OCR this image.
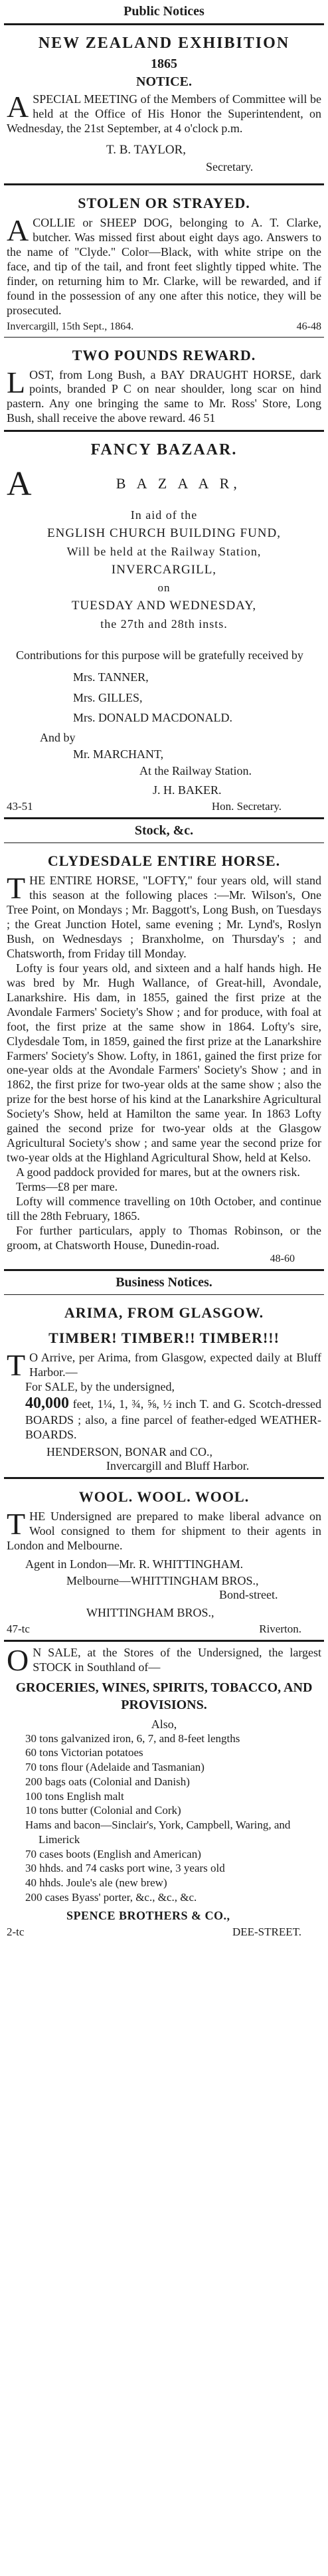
Public Notices
NEW ZEALAND EXHIBITION
1865
NOTICE.

A SPECIAL MEETING of the Members of Committee will be held at the Office of His Honor the Superintendent, on Wednesday, the 21st September, at 4 o'clock p.m.

T. B. TAYLOR,
Secretary.
STOLEN OR STRAYED.

A COLLIE or SHEEP DOG, belonging to A. T. Clarke, butcher. Was missed first about eight days ago. Answers to the name of "Clyde." Color—Black, with white stripe on the face, and tip of the tail, and front feet slightly tipped white. The finder, on returning him to Mr. Clarke, will be rewarded, and if found in the possession of any one after this notice, they will be prosecuted.

Invercargill, 15th Sept., 1864.	46-48
TWO POUNDS REWARD.

L OST, from Long Bush, a BAY DRAUGHT HORSE, dark points, branded P C on near shoulder, long scar on hind pastern. Any one bringing the same to Mr. Ross' Store, Long Bush, shall receive the above reward. 46 51

FANCY BAZAAR.
A	B A Z A A R,
In aid of the
ENGLISH CHURCH BUILDING FUND,
Will be held at the Railway Station,
INVERCARGILL,
on
TUESDAY AND WEDNESDAY,
the 27th and 28th insts.

Contributions for this purpose will be gratefully received by

Mrs. TANNER,
Mrs. GILLES,
Mrs. DONALD MACDONALD.
And by
Mr. MARCHANT,
At the Railway Station.
J. H. BAKER.
43-51	Hon. Secretary.
Stock, &c.
CLYDESDALE ENTIRE HORSE.

T HE ENTIRE HORSE, "LOFTY," four years old, will stand this season at the following places :—Mr. Wilson's, One Tree Point, on Mondays ; Mr. Baggott's, Long Bush, on Tuesdays ; the Great Junction Hotel, same evening ; Mr. Lynd's, Roslyn Bush, on Wednesdays ; Branxholme, on Thursday's ; and Chatsworth, from Friday till Monday.

Lofty is four years old, and sixteen and a half hands high. He was bred by Mr. Hugh Wallance, of Great-hill, Avondale, Lanarkshire. His dam, in 1855, gained the first prize at the Avondale Farmers' Society's Show ; and for produce, with foal at foot, the first prize at the same show in 1864. Lofty's sire, Clydesdale Tom, in 1859, gained the first prize at the Lanarkshire Farmers' Society's Show. Lofty, in 1861, gained the first prize for one-year olds at the Avondale Farmers' Society's Show ; and in 1862, the first prize for two-year olds at the same show ; also the prize for the best horse of his kind at the Lanarkshire Agricultural Society's Show, held at Hamilton the same year. In 1863 Lofty gained the second prize for two-year olds at the Glasgow Agricultural Society's show ; and same year the second prize for two-year olds at the Highland Agricultural Show, held at Kelso.

A good paddock provided for mares, but at the owners risk.

Terms—£8 per mare.

Lofty will commence travelling on 10th October, and continue till the 28th February, 1865.

For further particulars, apply to Thomas Robinson, or the groom, at Chatsworth House, Dunedin-road.

48-60
Business Notices.
ARIMA, FROM GLASGOW.
TIMBER! TIMBER!! TIMBER!!!

T O Arrive, per Arima, from Glasgow, expected daily at Bluff Harbor.—

For SALE, by the undersigned,

40,000 feet, 1¼, 1, ¾, ⅝, ½ inch T. and G. Scotch-dressed BOARDS ; also, a fine parcel of feather-edged WEATHER-BOARDS.

HENDERSON, BONAR and CO.,
Invercargill and Bluff Harbor.
WOOL. WOOL. WOOL.

T HE Undersigned are prepared to make liberal advance on Wool consigned to them for shipment to their agents in London and Melbourne.

Agent in London—Mr. R. WHITTINGHAM.
Melbourne—WHITTINGHAM BROS.,
Bond-street.
WHITTINGHAM BROS.,
47-tc	Riverton.

O N SALE, at the Stores of the Undersigned, the largest STOCK in Southland of—

GROCERIES, WINES, SPIRITS, TOBACCO, AND PROVISIONS.
Also,
30 tons galvanized iron, 6, 7, and 8-feet lengths
60 tons Victorian potatoes
70 tons flour (Adelaide and Tasmanian)
200 bags oats (Colonial and Danish)
100 tons English malt
10 tons butter (Colonial and Cork)
Hams and bacon—Sinclair's, York, Campbell, Waring, and Limerick
70 cases boots (English and American)
30 hhds. and 74 casks port wine, 3 years old
40 hhds. Joule's ale (new brew)
200 cases Byass' porter, &c., &c., &c.
SPENCE BROTHERS & CO.,
2-tc	DEE-STREET.
